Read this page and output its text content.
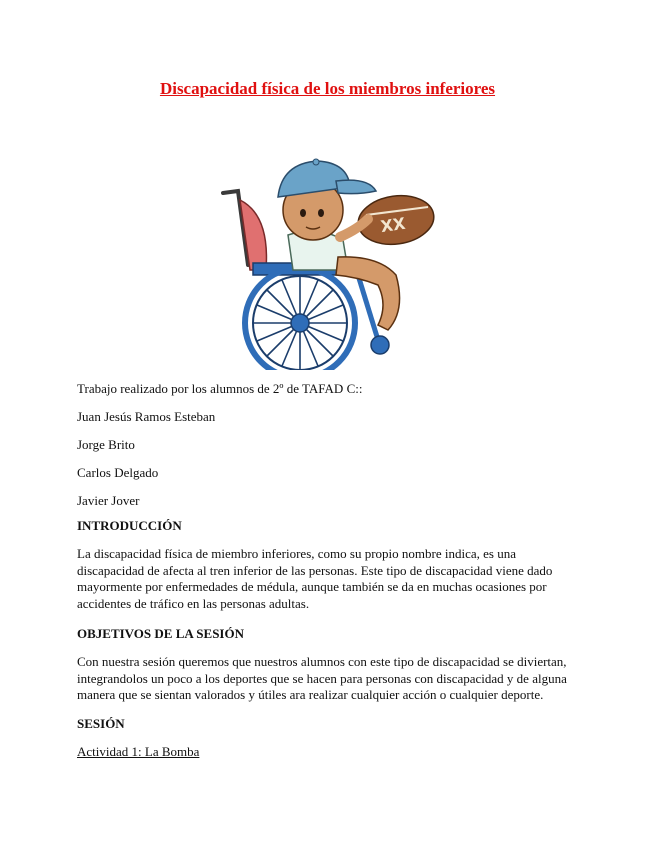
Discapacidad física de los miembros inferiores
XX

Trabajo realizado por los alumnos de 2º de TAFAD C::

Juan Jesús Ramos Esteban

Jorge Brito

Carlos Delgado

Javier Jover

INTRODUCCIÓN

La discapacidad física de miembro inferiores, como su propio nombre indica, es una discapacidad de afecta al tren inferior de las personas. Este tipo de discapacidad viene dado mayormente por enfermedades de médula, aunque también se da en muchas ocasiones por accidentes de tráfico en las personas adultas.

OBJETIVOS DE LA SESIÓN

Con nuestra sesión queremos que nuestros alumnos con este tipo de discapacidad se diviertan, integrandolos un poco a los deportes que se hacen para personas con discapacidad y de alguna manera que se sientan valorados y útiles ara realizar cualquier acción o cualquier deporte.

SESIÓN

Actividad 1: La Bomba
